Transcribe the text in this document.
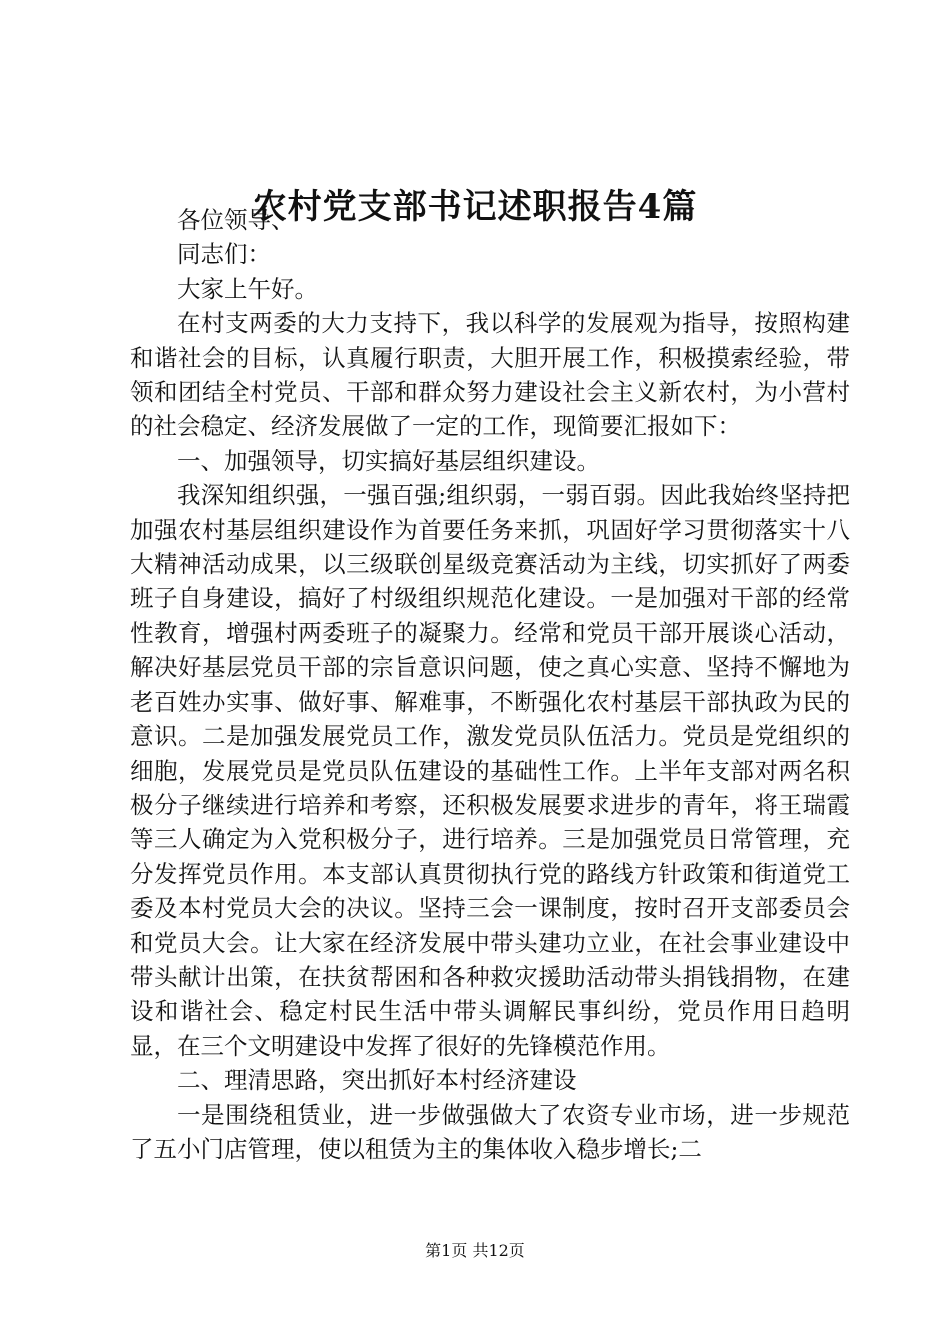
农村党支部书记述职报告4篇

各位领导、

同志们：

大家上午好。

在村支两委的大力支持下，我以科学的发展观为指导，按照构建和谐社会的目标，认真履行职责，大胆开展工作，积极摸索经验，带领和团结全村党员、干部和群众努力建设社会主义新农村，为小营村的社会稳定、经济发展做了一定的工作，现简要汇报如下：

一、加强领导，切实搞好基层组织建设。

我深知组织强，一强百强;组织弱，一弱百弱。因此我始终坚持把加强农村基层组织建设作为首要任务来抓，巩固好学习贯彻落实十八大精神活动成果，以三级联创星级竞赛活动为主线，切实抓好了两委班子自身建设，搞好了村级组织规范化建设。一是加强对干部的经常性教育，增强村两委班子的凝聚力。经常和党员干部开展谈心活动，解决好基层党员干部的宗旨意识问题，使之真心实意、坚持不懈地为老百姓办实事、做好事、解难事，不断强化农村基层干部执政为民的意识。二是加强发展党员工作，激发党员队伍活力。党员是党组织的细胞，发展党员是党员队伍建设的基础性工作。上半年支部对两名积极分子继续进行培养和考察，还积极发展要求进步的青年，将王瑞霞等三人确定为入党积极分子，进行培养。三是加强党员日常管理，充分发挥党员作用。本支部认真贯彻执行党的路线方针政策和街道党工委及本村党员大会的决议。坚持三会一课制度，按时召开支部委员会和党员大会。让大家在经济发展中带头建功立业，在社会事业建设中带头献计出策，在扶贫帮困和各种救灾援助活动带头捐钱捐物，在建设和谐社会、稳定村民生活中带头调解民事纠纷，党员作用日趋明显，在三个文明建设中发挥了很好的先锋模范作用。

二、理清思路，突出抓好本村经济建设

一是围绕租赁业，进一步做强做大了农资专业市场，进一步规范了五小门店管理，使以租赁为主的集体收入稳步增长;二

第1页 共12页
